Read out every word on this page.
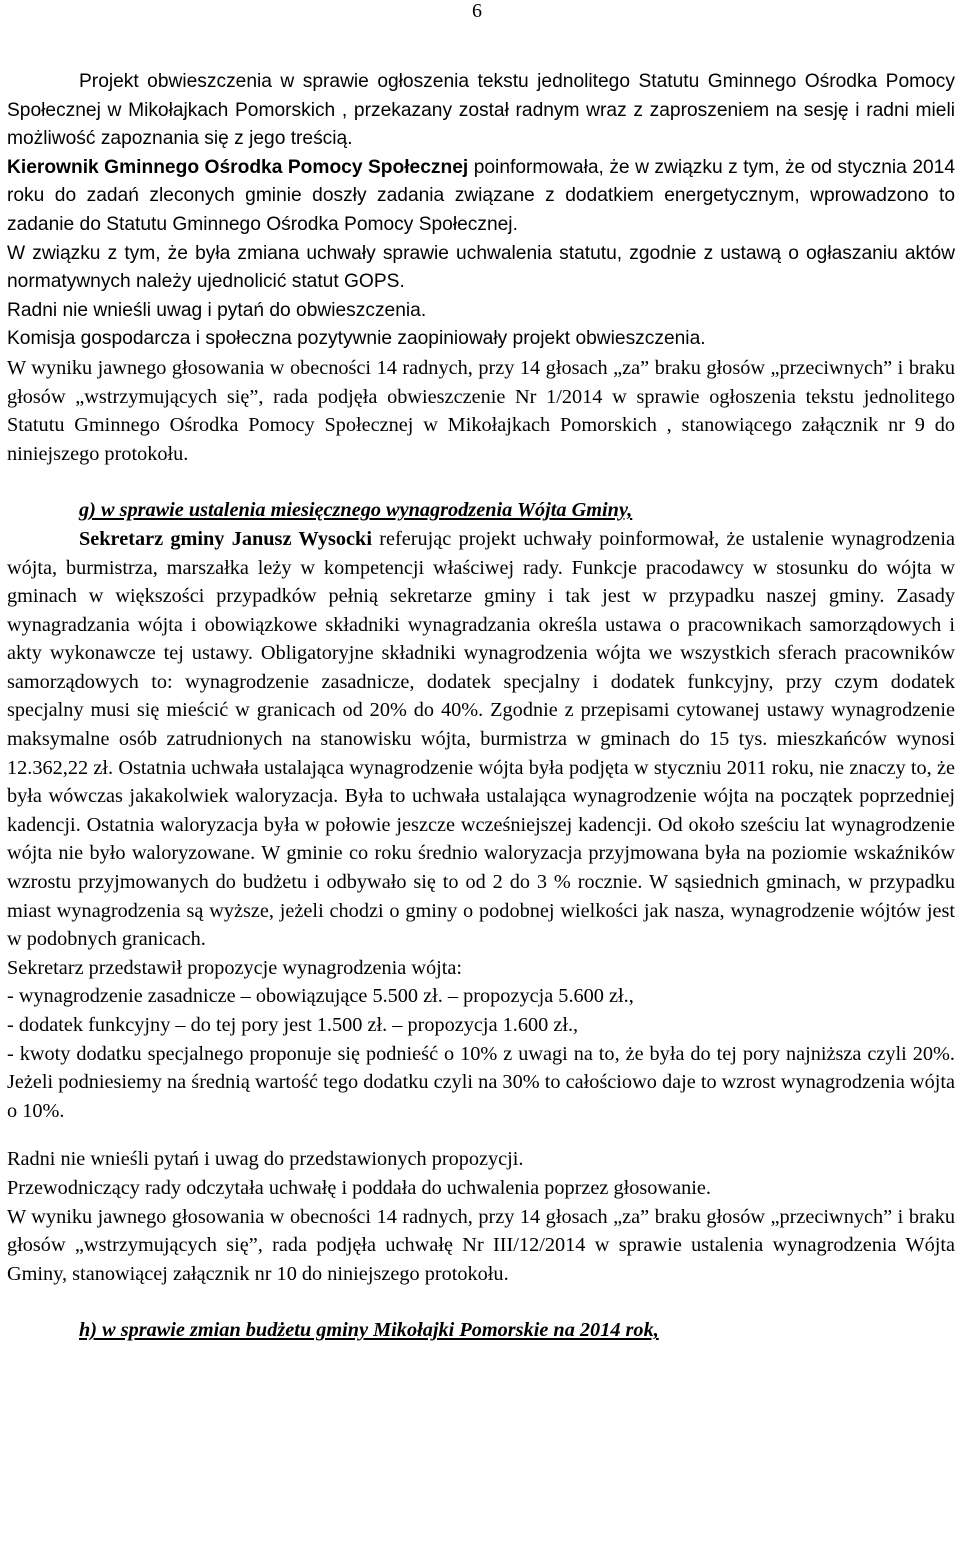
6

Projekt obwieszczenia w sprawie ogłoszenia tekstu jednolitego Statutu Gminnego Ośrodka Pomocy Społecznej w Mikołajkach Pomorskich , przekazany został radnym wraz z zaproszeniem na sesję i radni mieli możliwość zapoznania się z jego treścią.

Kierownik Gminnego Ośrodka Pomocy Społecznej poinformowała, że w związku z tym, że od stycznia 2014 roku do zadań zleconych gminie doszły zadania związane z dodatkiem energetycznym, wprowadzono to zadanie do Statutu Gminnego Ośrodka Pomocy Społecznej.

W związku z tym, że była zmiana uchwały sprawie uchwalenia statutu, zgodnie z ustawą o ogłaszaniu aktów normatywnych należy ujednolicić statut GOPS.

Radni nie wnieśli uwag i pytań do obwieszczenia.

Komisja gospodarcza i społeczna pozytywnie zaopiniowały projekt obwieszczenia.

W wyniku jawnego głosowania w obecności 14 radnych, przy 14 głosach „za” braku głosów „przeciwnych” i braku głosów „wstrzymujących się”, rada podjęła obwieszczenie Nr 1/2014 w sprawie ogłoszenia tekstu jednolitego Statutu Gminnego Ośrodka Pomocy Społecznej w Mikołajkach Pomorskich , stanowiącego załącznik nr 9 do niniejszego protokołu.

g) w sprawie ustalenia miesięcznego wynagrodzenia Wójta Gminy,

Sekretarz gminy Janusz Wysocki referując projekt uchwały poinformował, że ustalenie wynagrodzenia wójta, burmistrza, marszałka leży w kompetencji właściwej rady. Funkcje pracodawcy w stosunku do wójta w gminach w większości przypadków pełnią sekretarze gminy i tak jest w przypadku naszej gminy. Zasady wynagradzania wójta i obowiązkowe składniki wynagradzania określa ustawa o pracownikach samorządowych i akty wykonawcze tej ustawy. Obligatoryjne składniki wynagrodzenia wójta we wszystkich sferach pracowników samorządowych to: wynagrodzenie zasadnicze, dodatek specjalny i dodatek funkcyjny, przy czym dodatek specjalny musi się mieścić w granicach od 20% do 40%. Zgodnie z przepisami cytowanej ustawy wynagrodzenie maksymalne osób zatrudnionych na stanowisku wójta, burmistrza w gminach do 15 tys. mieszkańców wynosi 12.362,22 zł. Ostatnia uchwała ustalająca wynagrodzenie wójta była podjęta w styczniu 2011 roku, nie znaczy to, że była wówczas jakakolwiek waloryzacja. Była to uchwała ustalająca wynagrodzenie wójta na początek poprzedniej kadencji. Ostatnia waloryzacja była w połowie jeszcze wcześniejszej kadencji. Od około sześciu lat wynagrodzenie wójta nie było waloryzowane. W gminie co roku średnio waloryzacja przyjmowana była na poziomie wskaźników wzrostu przyjmowanych do budżetu i odbywało się to od 2 do 3 % rocznie. W sąsiednich gminach, w przypadku miast wynagrodzenia są wyższe, jeżeli chodzi o gminy o podobnej wielkości jak nasza, wynagrodzenie wójtów jest w podobnych granicach.

Sekretarz przedstawił propozycje wynagrodzenia wójta:

- wynagrodzenie zasadnicze – obowiązujące 5.500 zł. – propozycja 5.600 zł.,

- dodatek funkcyjny – do tej pory jest 1.500 zł. – propozycja 1.600 zł.,

- kwoty dodatku specjalnego proponuje się podnieść o 10% z uwagi na to, że była do tej pory najniższa czyli 20%. Jeżeli podniesiemy na średnią wartość tego dodatku czyli na 30% to całościowo daje to wzrost wynagrodzenia wójta o 10%.

Radni nie wnieśli pytań i uwag do przedstawionych propozycji.

Przewodniczący rady odczytała uchwałę i poddała do uchwalenia poprzez głosowanie.

W wyniku jawnego głosowania w obecności 14 radnych, przy 14 głosach „za” braku głosów „przeciwnych” i braku głosów „wstrzymujących się”, rada podjęła uchwałę Nr III/12/2014 w sprawie ustalenia wynagrodzenia Wójta Gminy, stanowiącej załącznik nr 10 do niniejszego protokołu.

h) w sprawie zmian budżetu gminy Mikołajki Pomorskie na 2014 rok,
